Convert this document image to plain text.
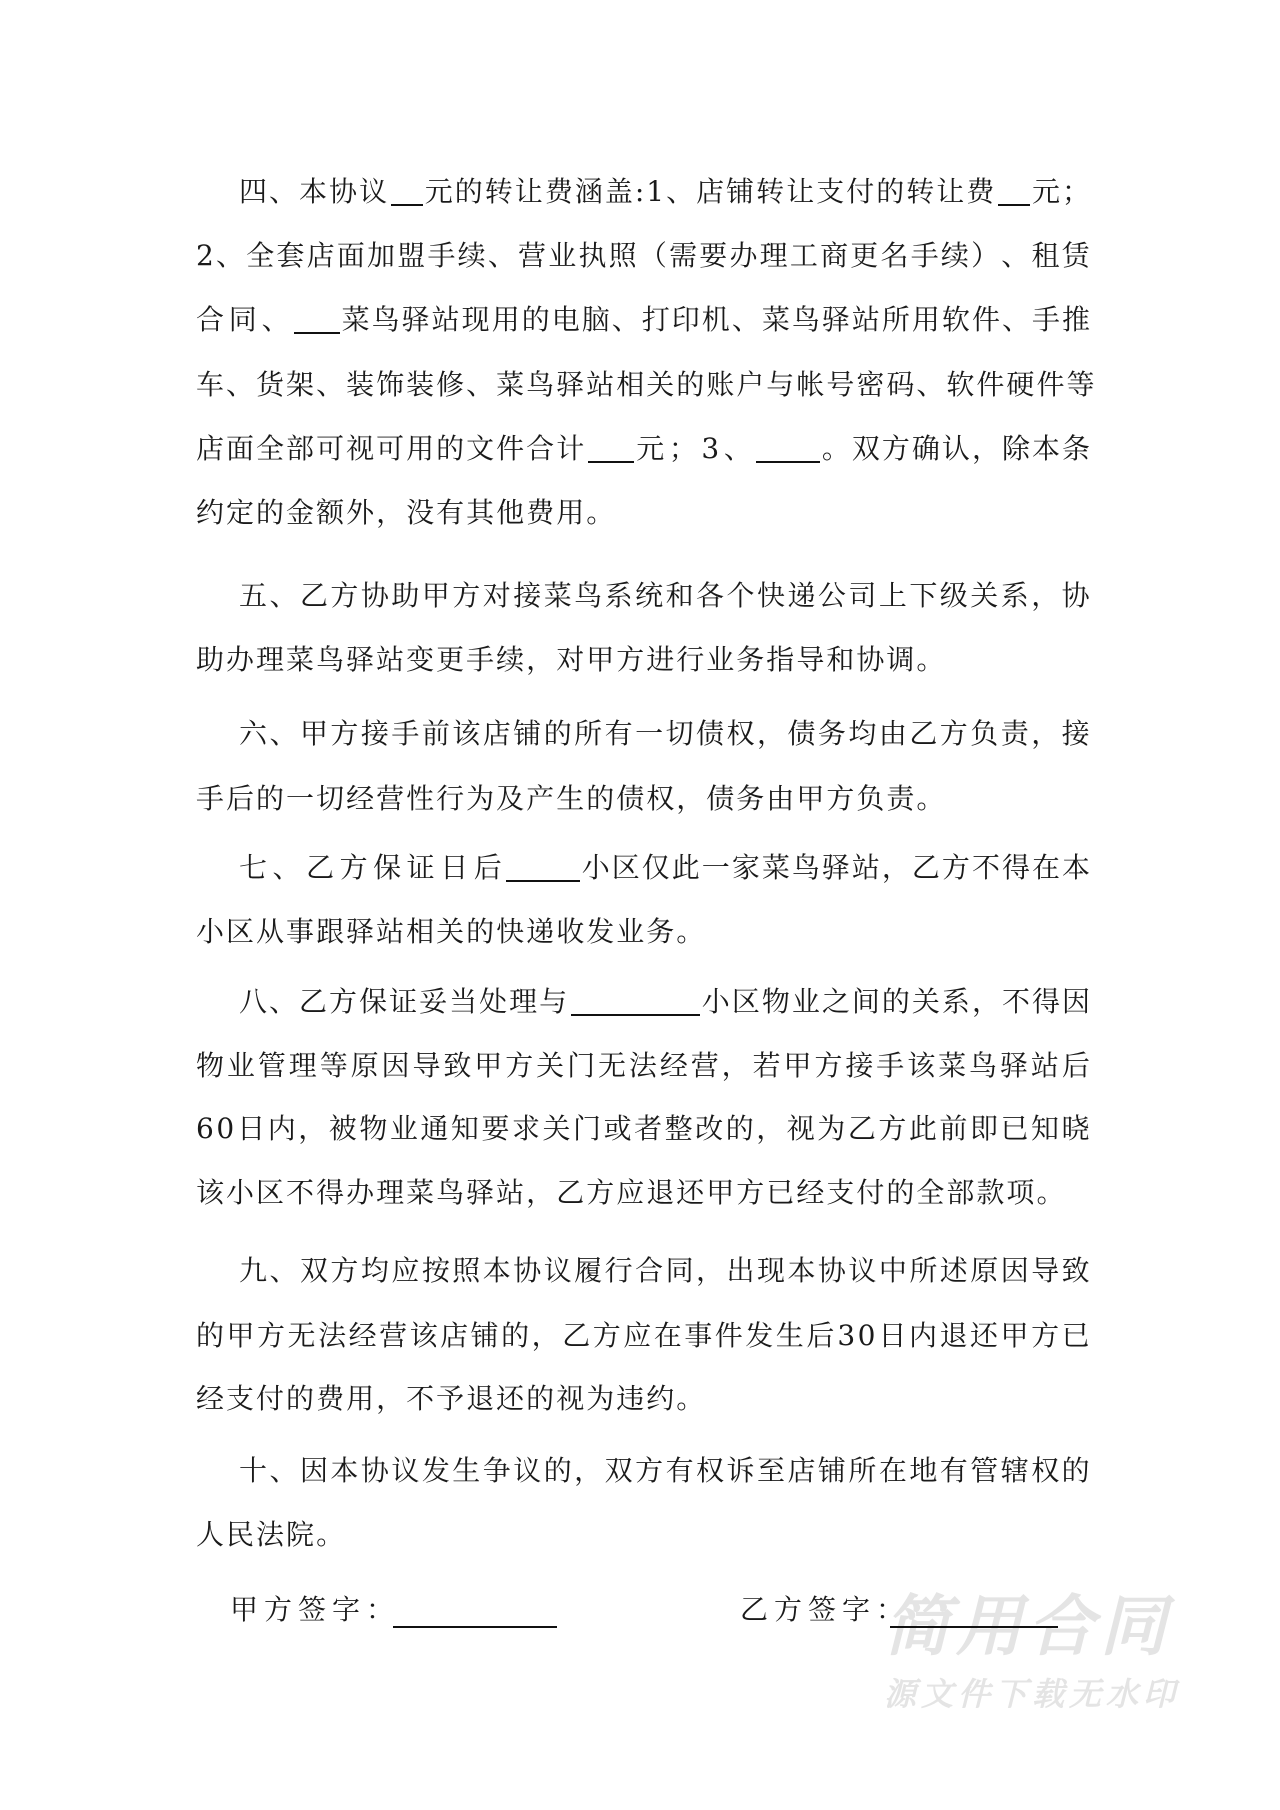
四 、 本 协 议 元 的 转 让 费 涵 盖 : 1 、 店 铺 转 让 支 付 的 转 让 费 元 ；
2 、 全 套 店 面 加 盟 手 续 、 营 业 执 照 （ 需 要 办 理 工 商 更 名 手 续 ） 、 租 赁
合 同 、 菜 鸟 驿 站 现 用 的 电 脑 、 打 印 机 、 菜 鸟 驿 站 所 用 软 件 、 手 推
车 、 货 架 、 装 饰 装 修 、 菜 鸟 驿 站 相 关 的 账 户 与 帐 号 密 码 、 软 件 硬 件 等
店 面 全 部 可 视 可 用 的 文 件 合 计 元 ； 3 、 。 双 方 确 认 ， 除 本 条
约 定 的 金 额 外 ， 没 有 其 他 费 用 。
五 、 乙 方 协 助 甲 方 对 接 菜 鸟 系 统 和 各 个 快 递 公 司 上 下 级 关 系 ， 协
助 办 理 菜 鸟 驿 站 变 更 手 续 ， 对 甲 方 进 行 业 务 指 导 和 协 调 。
六 、 甲 方 接 手 前 该 店 铺 的 所 有 一 切 债 权 ， 债 务 均 由 乙 方 负 责 ， 接
手 后 的 一 切 经 营 性 行 为 及 产 生 的 债 权 ， 债 务 由 甲 方 负 责 。
七 、 乙 方 保 证 日 后	小 区 仅 此 一 家 菜 鸟 驿 站 ， 乙 方 不 得 在 本
小 区 从 事 跟 驿 站 相 关 的 快 递 收 发 业 务 。
八 、 乙 方 保 证 妥 当 处 理 与	小 区 物 业 之 间 的 关 系 ， 不 得 因
物 业 管 理 等 原 因 导 致 甲 方 关 门 无 法 经 营 ， 若 甲 方 接 手 该 菜 鸟 驿 站 后
6 0 日 内 ， 被 物 业 通 知 要 求 关 门 或 者 整 改 的 ， 视 为 乙 方 此 前 即 已 知 晓
该 小 区 不 得 办 理 菜 鸟 驿 站 ， 乙 方 应 退 还 甲 方 已 经 支 付 的 全 部 款 项 。
九 、 双 方 均 应 按 照 本 协 议 履 行 合 同 ， 出 现 本 协 议 中 所 述 原 因 导 致
的 甲 方 无 法 经 营 该 店 铺 的 ， 乙 方 应 在 事 件 发 生 后 3 0 日 内 退 还 甲 方 已
经 支 付 的 费 用 ， 不 予 退 还 的 视 为 违 约 。
十 、 因 本 协 议 发 生 争 议 的 ， 双 方 有 权 诉 至 店 铺 所 在 地 有 管 辖 权 的
人 民 法 院 。
简用合同
源文件下载无水印
甲方签字：	乙方签字：
